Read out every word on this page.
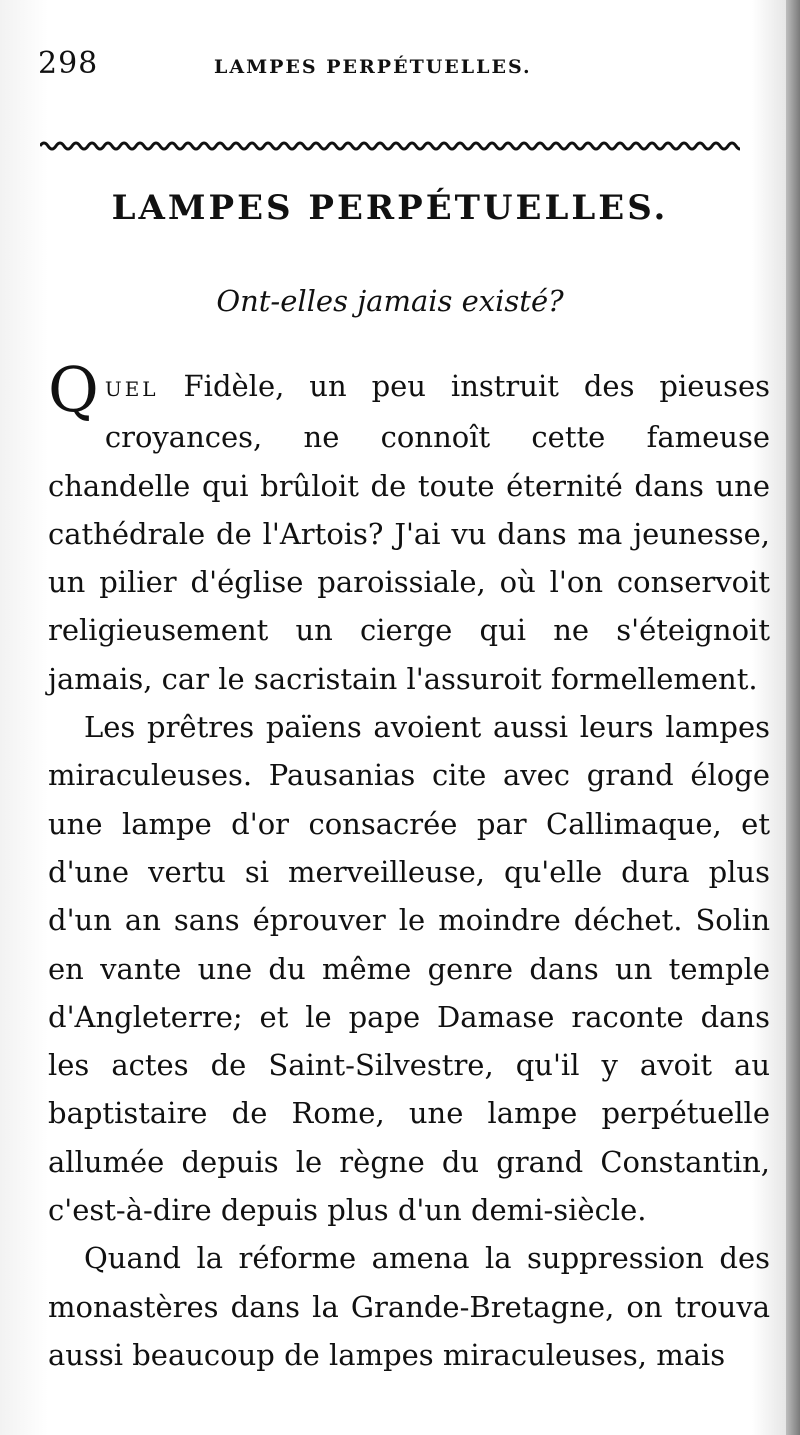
298	LAMPES PERPÉTUELLES.
LAMPES PERPÉTUELLES.
Ont-elles jamais existé?

QUEL Fidèle, un peu instruit des pieuses croyances, ne connoît cette fameuse chandelle qui brûloit de toute éternité dans une cathédrale de l'Artois? J'ai vu dans ma jeunesse, un pilier d'église paroissiale, où l'on conservoit religieusement un cierge qui ne s'éteignoit jamais, car le sacristain l'assuroit formellement.

Les prêtres païens avoient aussi leurs lampes miraculeuses. Pausanias cite avec grand éloge une lampe d'or consacrée par Callimaque, et d'une vertu si merveilleuse, qu'elle dura plus d'un an sans éprouver le moindre déchet. Solin en vante une du même genre dans un temple d'Angleterre; et le pape Damase raconte dans les actes de Saint-Silvestre, qu'il y avoit au baptistaire de Rome, une lampe perpétuelle allumée depuis le règne du grand Constantin, c'est-à-dire depuis plus d'un demi-siècle.

Quand la réforme amena la suppression des monastères dans la Grande-Bretagne, on trouva aussi beaucoup de lampes miraculeuses, mais
